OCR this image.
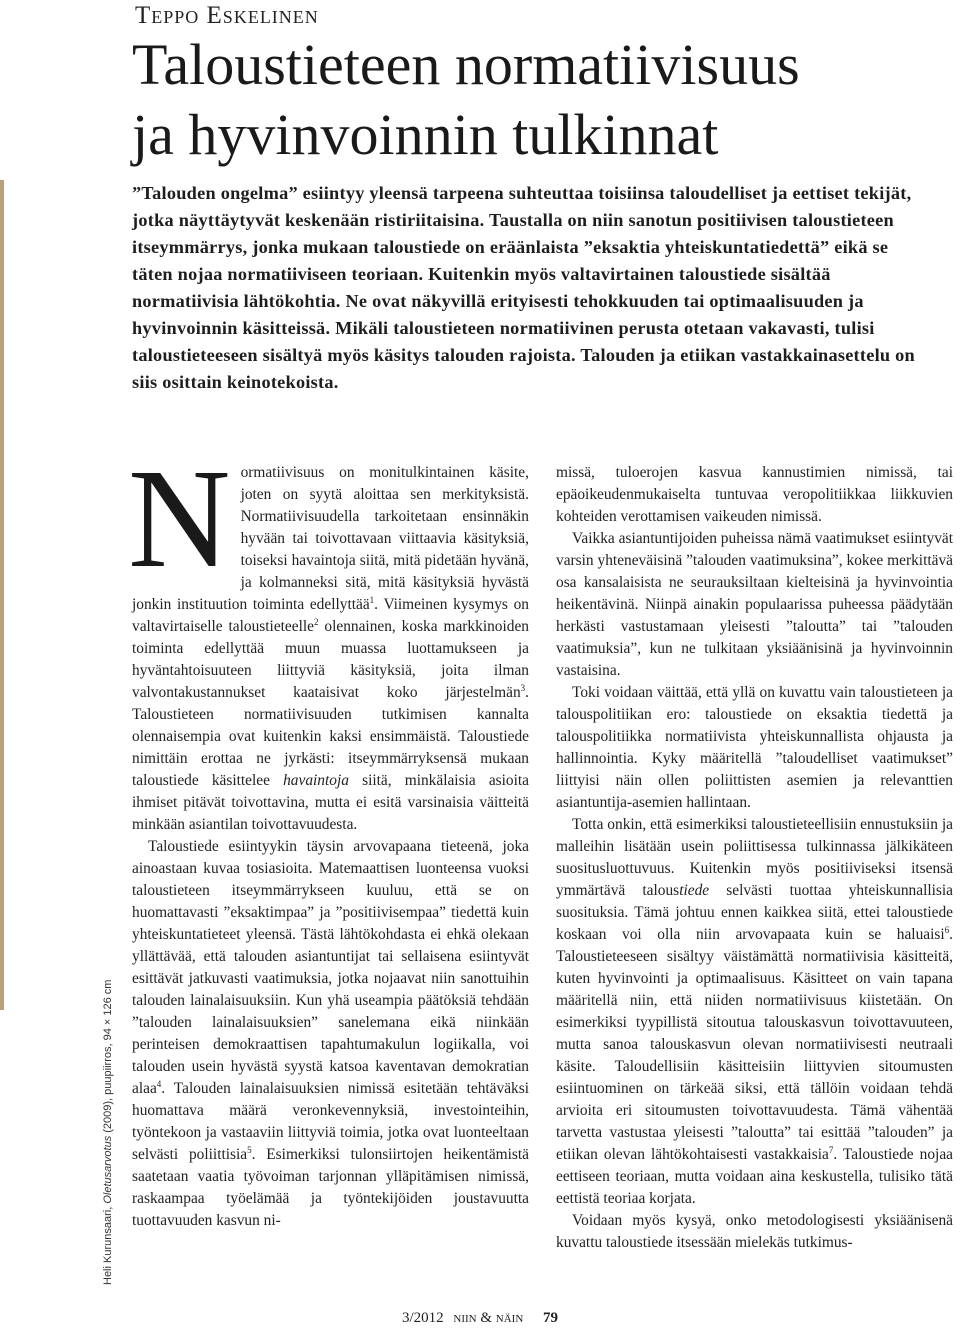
Teppo Eskelinen
Taloustieteen normatiivisuus
ja hyvinvoinnin tulkinnat

”Talouden ongelma” esiintyy yleensä tarpeena suhteuttaa toisiinsa taloudelliset ja eettiset tekijät, jotka näyttäytyvät keskenään ristiriitaisina. Taustalla on niin sanotun positiivisen taloustieteen itseymmärrys, jonka mukaan taloustiede on eräänlaista ”eksaktia yhteiskuntatiedettä” eikä se täten nojaa normatiiviseen teoriaan. Kuitenkin myös valtavirtainen taloustiede sisältää normatiivisia lähtökohtia. Ne ovat näkyvillä erityisesti tehokkuuden tai optimaalisuuden ja hyvinvoinnin käsitteissä. Mikäli taloustieteen normatiivinen perusta otetaan vakavasti, tulisi taloustieteeseen sisältyä myös käsitys talouden rajoista. Talouden ja etiikan vastakkainasettelu on siis osittain keinotekoista.

Normatiivisuus on monitulkintainen käsite, joten on syytä aloittaa sen merkityksistä. Normatiivisuudella tarkoitetaan ensinnäkin hyvään tai toivottavaan viittaavia käsityksiä, toiseksi havaintoja siitä, mitä pidetään hyvänä, ja kolmanneksi sitä, mitä käsityksiä hyvästä jonkin instituution toiminta edellyttää$^1$. Viimeinen kysymys on valtavirtaiselle taloustieteelle$^2$ olennainen, koska markkinoiden toiminta edellyttää muun muassa luottamukseen ja hyväntahtoisuuteen liittyviä käsityksiä, joita ilman valvontakustannukset kaataisivat koko järjestelmän$^3$. Taloustieteen normatiivisuuden tutkimisen kannalta olennaisempia ovat kuitenkin kaksi ensimmäistä. Taloustiede nimittäin erottaa ne jyrkästi: itseymmärryksensä mukaan taloustiede käsittelee havaintoja siitä, minkälaisia asioita ihmiset pitävät toivottavina, mutta ei esitä varsinaisia väitteitä minkään asiantilan toivottavuudesta.

Taloustiede esiintyykin täysin arvovapaana tieteenä, joka ainoastaan kuvaa tosiasioita. Matemaattisen luonteensa vuoksi taloustieteen itseymmärrykseen kuuluu, että se on huomattavasti ”eksaktimpaa” ja ”positiivisempaa” tiedettä kuin yhteiskuntatieteet yleensä. Tästä lähtökohdasta ei ehkä olekaan yllättävää, että talouden asiantuntijat tai sellaisena esiintyvät esittävät jatkuvasti vaatimuksia, jotka nojaavat niin sanottuihin talouden lainalaisuuksiin. Kun yhä useampia päätöksiä tehdään ”talouden lainalaisuuksien” sanelemana eikä niinkään perinteisen demokraattisen tapahtumakulun logiikalla, voi talouden usein hyvästä syystä katsoa kaventavan demokratian alaa$^4$. Talouden lainalaisuuksien nimissä esitetään tehtäväksi huomattava määrä veronkevennyksiä, investointeihin, työntekoon ja vastaaviin liittyviä toimia, jotka ovat luonteeltaan selvästi poliittisia$^5$. Esimerkiksi tulonsiirtojen heikentämistä saatetaan vaatia työvoiman tarjonnan ylläpitämisen nimissä, raskaampaa työelämää ja työntekijöiden joustavuutta tuottavuuden kasvun ni-

missä, tuloerojen kasvua kannustimien nimissä, tai epäoikeudenmukaiselta tuntuvaa veropolitiikkaa liikkuvien kohteiden verottamisen vaikeuden nimissä.

Vaikka asiantuntijoiden puheissa nämä vaatimukset esiintyvät varsin yhteneväisinä ”talouden vaatimuksina”, kokee merkittävä osa kansalaisista ne seurauksiltaan kielteisinä ja hyvinvointia heikentävinä. Niinpä ainakin populaarissa puheessa päädytään herkästi vastustamaan yleisesti ”taloutta” tai ”talouden vaatimuksia”, kun ne tulkitaan yksiäänisinä ja hyvinvoinnin vastaisina.

Toki voidaan väittää, että yllä on kuvattu vain taloustieteen ja talouspolitiikan ero: taloustiede on eksaktia tiedettä ja talouspolitiikka normatiivista yhteiskunnallista ohjausta ja hallinnointia. Kyky määritellä ”taloudelliset vaatimukset” liittyisi näin ollen poliittisten asemien ja relevanttien asiantuntija-asemien hallintaan.

Totta onkin, että esimerkiksi taloustieteellisiin ennustuksiin ja malleihin lisätään usein poliittisessa tulkinnassa jälkikäteen suositusluottuvuus. Kuitenkin myös positiiviseksi itsensä ymmärtävä taloustiede selvästi tuottaa yhteiskunnallisia suosituksia. Tämä johtuu ennen kaikkea siitä, ettei taloustiede koskaan voi olla niin arvovapaata kuin se haluaisi$^6$. Taloustieteeseen sisältyy väistämättä normatiivisia käsitteitä, kuten hyvinvointi ja optimaalisuus. Käsitteet on vain tapana määritellä niin, että niiden normatiivisuus kiistetään. On esimerkiksi tyypillistä sitoutua talouskasvun toivottavuuteen, mutta sanoa talouskasvun olevan normatiivisesti neutraali käsite. Taloudellisiin käsitteisiin liittyvien sitoumusten esiintuominen on tärkeää siksi, että tällöin voidaan tehdä arvioita eri sitoumusten toivottavuudesta. Tämä vähentää tarvetta vastustaa yleisesti ”taloutta” tai esittää ”talouden” ja etiikan olevan lähtökohtaisesti vastakkaisia$^7$. Taloustiede nojaa eettiseen teoriaan, mutta voidaan aina keskustella, tulisiko tätä eettistä teoriaa korjata.

Voidaan myös kysyä, onko metodologisesti yksiäänisenä kuvattu taloustiede itsessään mielekäs tutkimus-

Heli Kurunsaari, Oletusarvotus (2009), puupiirros, 94 × 126 cm
3/2012 niin & näin 79
